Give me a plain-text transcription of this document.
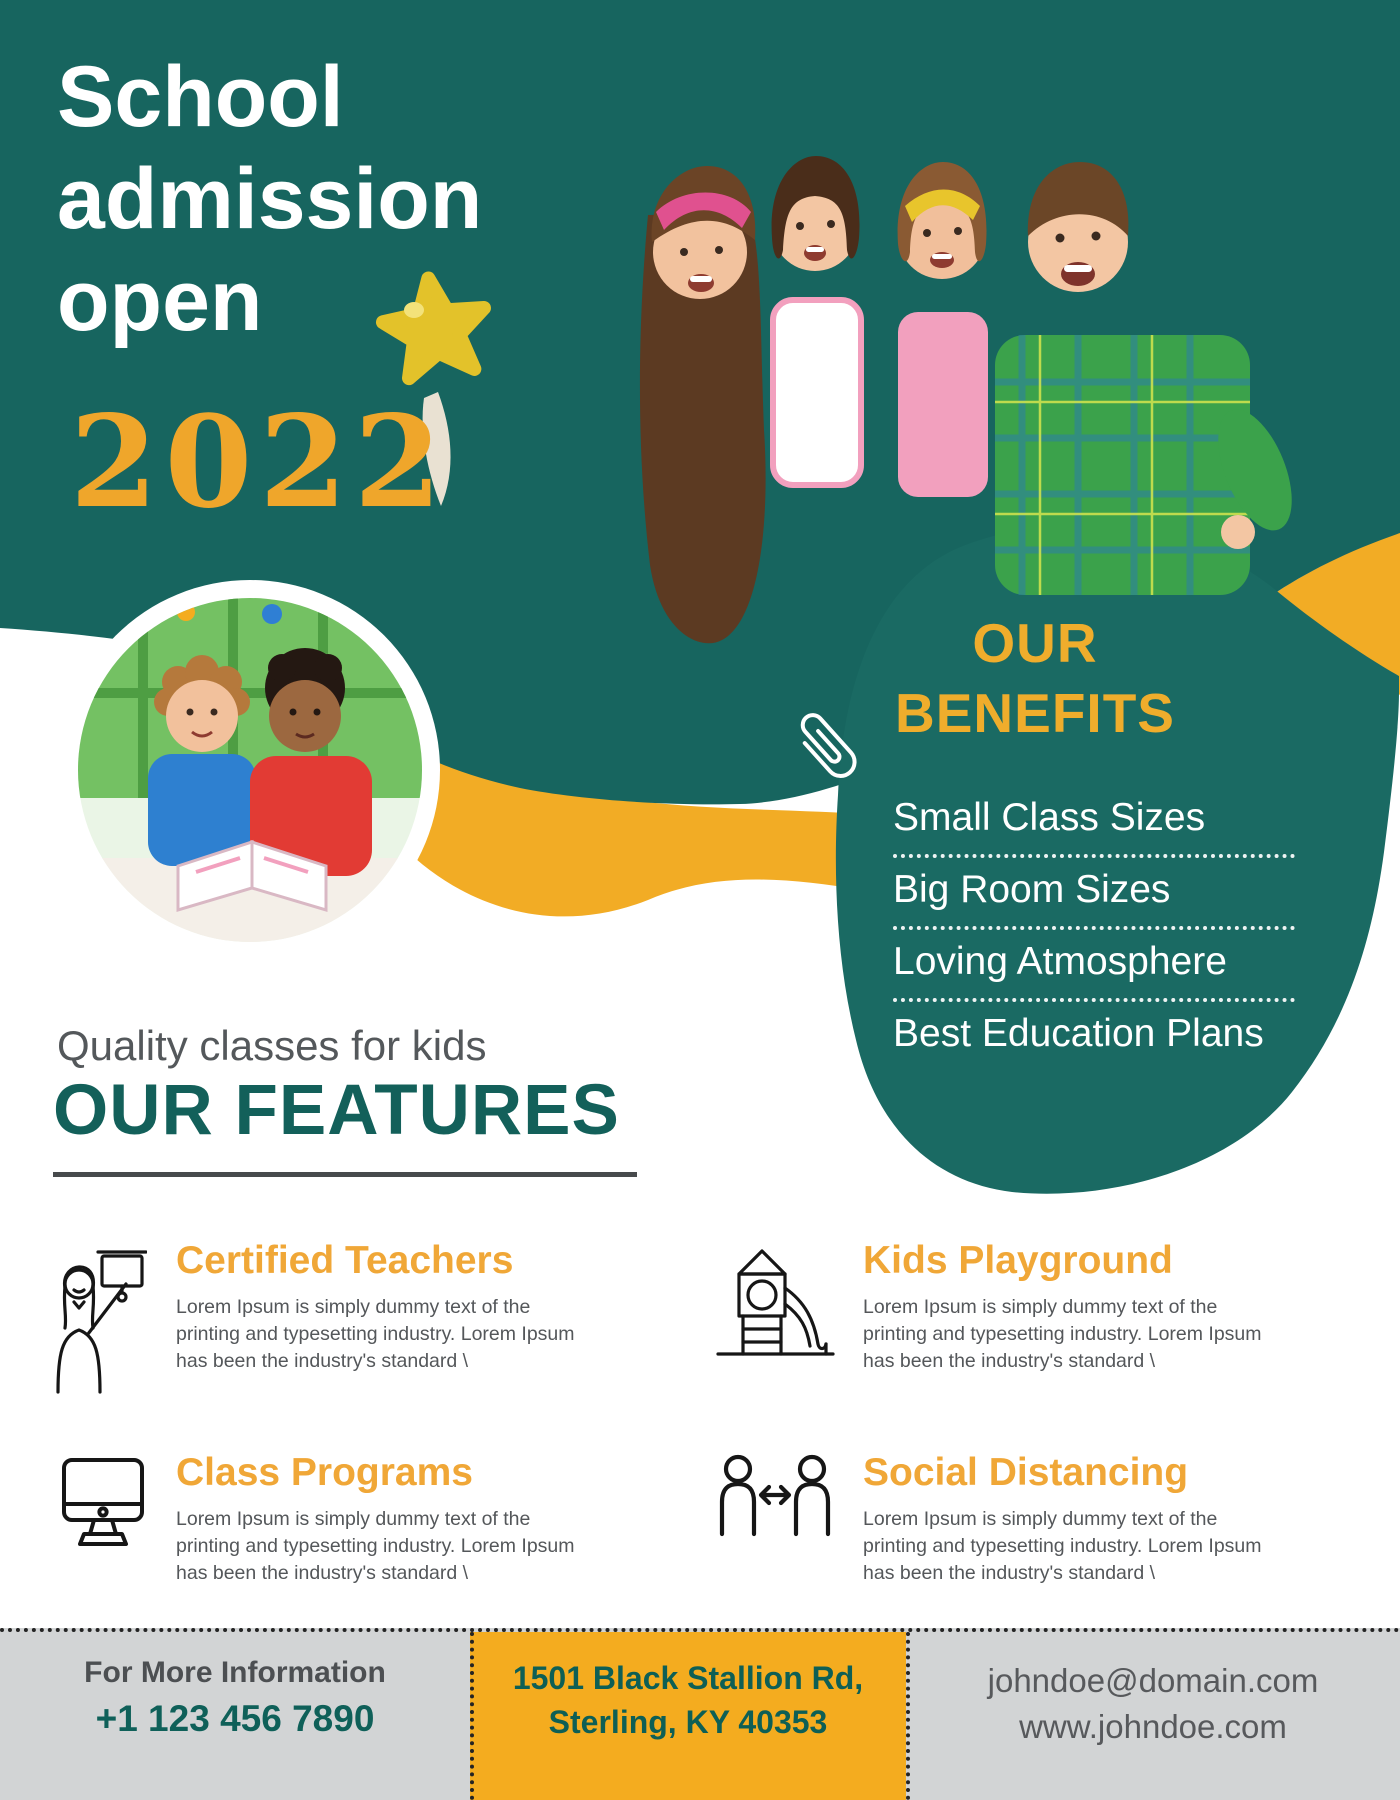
School
admission
open
2022
OUR
BENEFITS
Small Class Sizes
Big Room Sizes
Loving Atmosphere
Best Education Plans
Quality classes for kids
OUR FEATURES
Certified Teachers

Lorem Ipsum is simply dummy text of the printing and typesetting industry. Lorem Ipsum has been the industry's standard \

Kids Playground

Lorem Ipsum is simply dummy text of the printing and typesetting industry. Lorem Ipsum has been the industry's standard \

Class Programs

Lorem Ipsum is simply dummy text of the printing and typesetting industry. Lorem Ipsum has been the industry's standard \

Social Distancing

Lorem Ipsum is simply dummy text of the printing and typesetting industry. Lorem Ipsum has been the industry's standard \

For More Information
+1 123 456 7890
1501 Black Stallion Rd,
Sterling, KY 40353
johndoe@domain.com
www.johndoe.com
